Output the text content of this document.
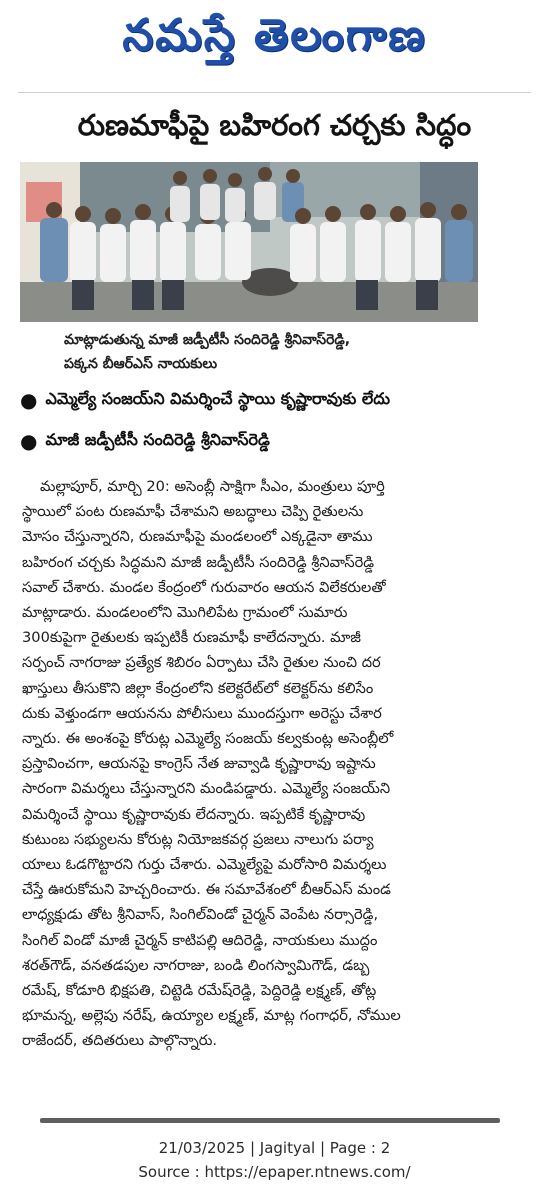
నమస్తే తెలంగాణ
రుణమాఫీపై బహిరంగ చర్చకు సిద్ధం
మాట్లాడుతున్న మాజీ జడ్పీటీసీ సందిరెడ్డి శ్రీనివాస్‌రెడ్డి,
పక్కన బీఆర్‌ఎస్ నాయకులు
● ఎమ్మెల్యే సంజయ్‌ని విమర్శించే స్థాయి కృష్ణారావుకు లేదు
● మాజీ జడ్పీటీసీ సందిరెడ్డి శ్రీనివాస్‌రెడ్డి
మల్లాపూర్, మార్చి 20: అసెంబ్లీ సాక్షిగా సీఎం, మంత్రులు పూర్తి
స్థాయిలో పంట రుణమాఫీ చేశామని అబద్ధాలు చెప్పి రైతులను
మోసం చేస్తున్నారని, రుణమాఫీపై మండలంలో ఎక్కడైనా తాము
బహిరంగ చర్చకు సిద్ధమని మాజీ జడ్పీటీసీ సందిరెడ్డి శ్రీనివాస్‌రెడ్డి
సవాల్ చేశారు. మండల కేంద్రంలో గురువారం ఆయన విలేకరులతో
మాట్లాడారు. మండలంలోని మొగిలిపేట గ్రామంలో సుమారు
300కుపైగా రైతులకు ఇప్పటికీ రుణమాఫీ కాలేదన్నారు. మాజీ
సర్పంచ్ నాగరాజు ప్రత్యేక శిబిరం ఏర్పాటు చేసి రైతుల నుంచి దర
ఖాస్తులు తీసుకొని జిల్లా కేంద్రంలోని కలెక్టరేట్‌లో కలెక్టర్‌ను కలిసేం
దుకు వెళ్తుండగా ఆయనను పోలీసులు ముందస్తుగా అరెస్టు చేశార
న్నారు. ఈ అంశంపై కోరుట్ల ఎమ్మెల్యే సంజయ్ కల్వకుంట్ల అసెంబ్లీలో
ప్రస్తావించగా, ఆయనపై కాంగ్రెస్ నేత జువ్వాడి కృష్ణారావు ఇష్టాను
సారంగా విమర్శలు చేస్తున్నారని మండిపడ్డారు. ఎమ్మెల్యే సంజయ్‌ని
విమర్శించే స్థాయి కృష్ణారావుకు లేదన్నారు. ఇప్పటికే కృష్ణారావు
కుటుంబ సభ్యులను కోరుట్ల నియోజకవర్గ ప్రజలు నాలుగు పర్యా
యాలు ఓడగొట్టారని గుర్తు చేశారు. ఎమ్మెల్యేపై మరోసారి విమర్శలు
చేస్తే ఊరుకోమని హెచ్చరించారు. ఈ సమావేశంలో బీఆర్‌ఎస్ మండ
లాధ్యక్షుడు తోట శ్రీనివాస్, సింగిల్‌విండో చైర్మన్ వెంపేట నర్సారెడ్డి,
సింగిల్ విండో మాజీ చైర్మన్ కాటిపల్లి ఆదిరెడ్డి, నాయకులు ముద్దం
శరత్‌గౌడ్, వనతడపుల నాగరాజు, బండి లింగస్వామిగౌడ్, డబ్బ
రమేష్, కోడూరి భిక్షపతి, చిట్టెడి రమేష్‌రెడ్డి, పెద్దిరెడ్డి లక్ష్మణ్, తోట్ల
భూమన్న, అల్లెపు నరేష్, ఉయ్యాల లక్ష్మణ్, మాట్ల గంగాధర్, నోముల
రాజేందర్, తదితరులు పాల్గొన్నారు.
21/03/2025 | Jagityal | Page : 2
Source : https://epaper.ntnews.com/
